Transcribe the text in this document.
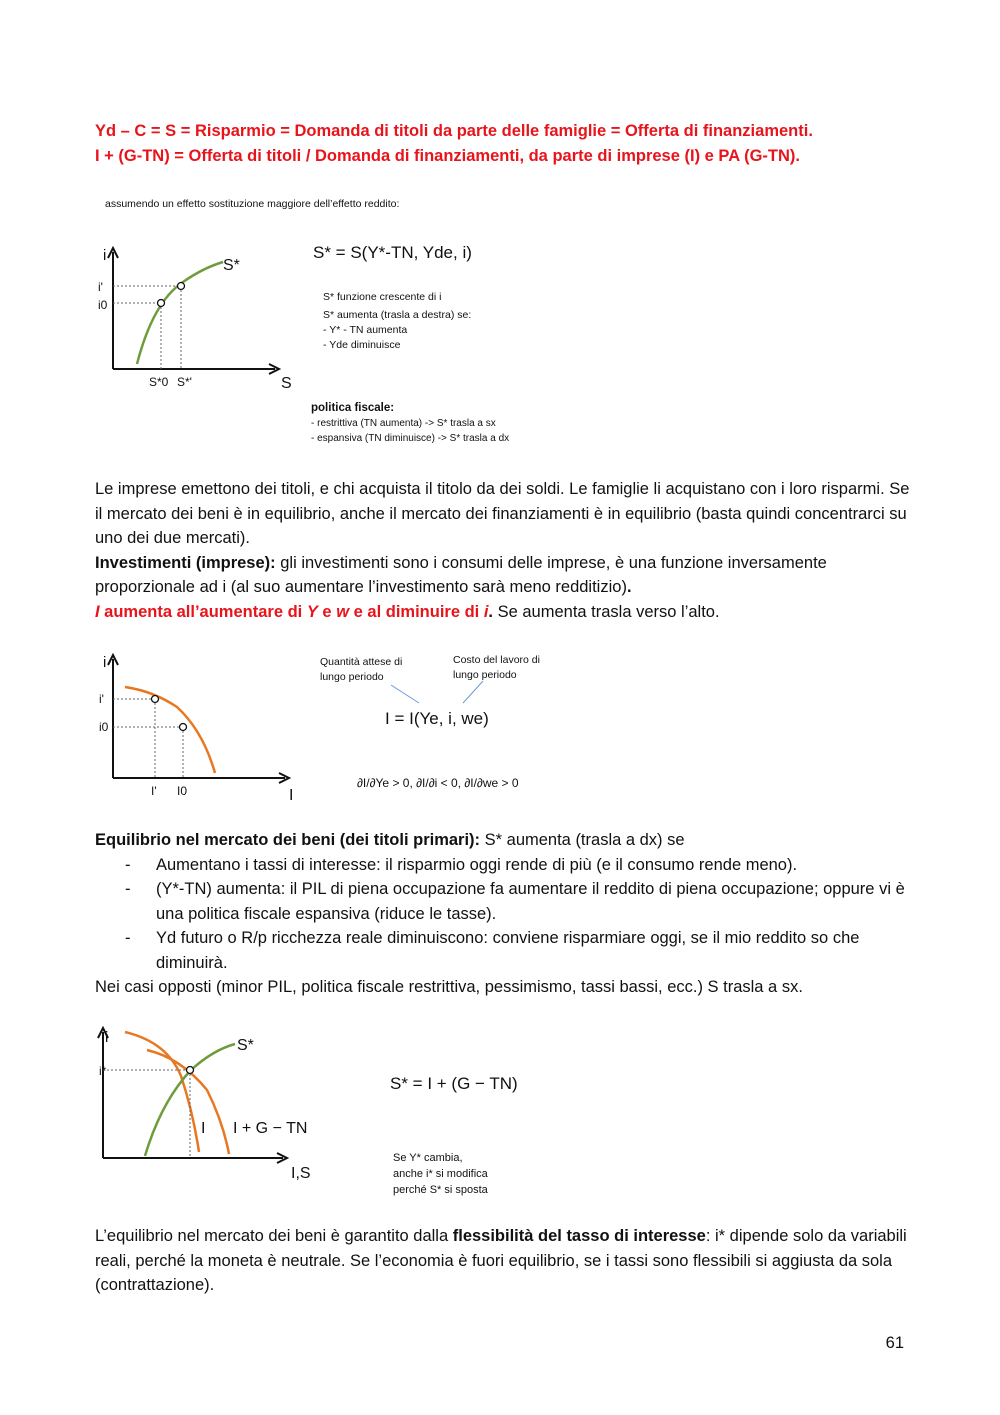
Yd – C = S = Risparmio = Domanda di titoli da parte delle famiglie = Offerta di finanziamenti.
I + (G-TN) = Offerta di titoli / Domanda di finanziamenti, da parte di imprese (I) e PA (G-TN).
assumendo un effetto sostituzione maggiore dell’effetto reddito:
i
S
S*
i'
i0
S*0 S*'
S* = S(Y*-TN, Yde, i)
S* funzione crescente di i
S* aumenta (trasla a destra) se:
- Y* - TN aumenta
- Yde diminuisce
politica fiscale:
- restrittiva (TN aumenta) -> S* trasla a sx
- espansiva (TN diminuisce) -> S* trasla a dx

Le imprese emettono dei titoli, e chi acquista il titolo da dei soldi. Le famiglie li acquistano con i loro risparmi. Se il mercato dei beni è in equilibrio, anche il mercato dei finanziamenti è in equilibrio (basta quindi concentrarci su uno dei due mercati).

Investimenti (imprese): gli investimenti sono i consumi delle imprese, è una funzione inversamente proporzionale ad i (al suo aumentare l’investimento sarà meno redditizio).

I aumenta all’aumentare di Y e w e al diminuire di i. Se aumenta trasla verso l’alto.

i
I
i'
i0
I' I0
Quantità attese di
lungo periodo
Costo del lavoro di
lungo periodo
I = I(Ye, i, we)
∂I/∂Ye > 0, ∂I/∂i < 0, ∂I/∂we > 0

Equilibrio nel mercato dei beni (dei titoli primari): S* aumenta (trasla a dx) se

- Aumentano i tassi di interesse: il risparmio oggi rende di più (e il consumo rende meno).
- (Y*-TN) aumenta: il PIL di piena occupazione fa aumentare il reddito di piena occupazione; oppure vi è una politica fiscale espansiva (riduce le tasse).
- Yd futuro o R/p ricchezza reale diminuiscono: conviene risparmiare oggi, se il mio reddito so che diminuirà.

Nei casi opposti (minor PIL, politica fiscale restrittiva, pessimismo, tassi bassi, ecc.) S trasla a sx.

i
I,S
i*
S*
I I + G − TN
S* = I + (G − TN)
Se Y* cambia,
anche i* si modifica
perché S* si sposta

L’equilibrio nel mercato dei beni è garantito dalla flessibilità del tasso di interesse: i* dipende solo da variabili reali, perché la moneta è neutrale. Se l’economia è fuori equilibrio, se i tassi sono flessibili si aggiusta da sola (contrattazione).

61
